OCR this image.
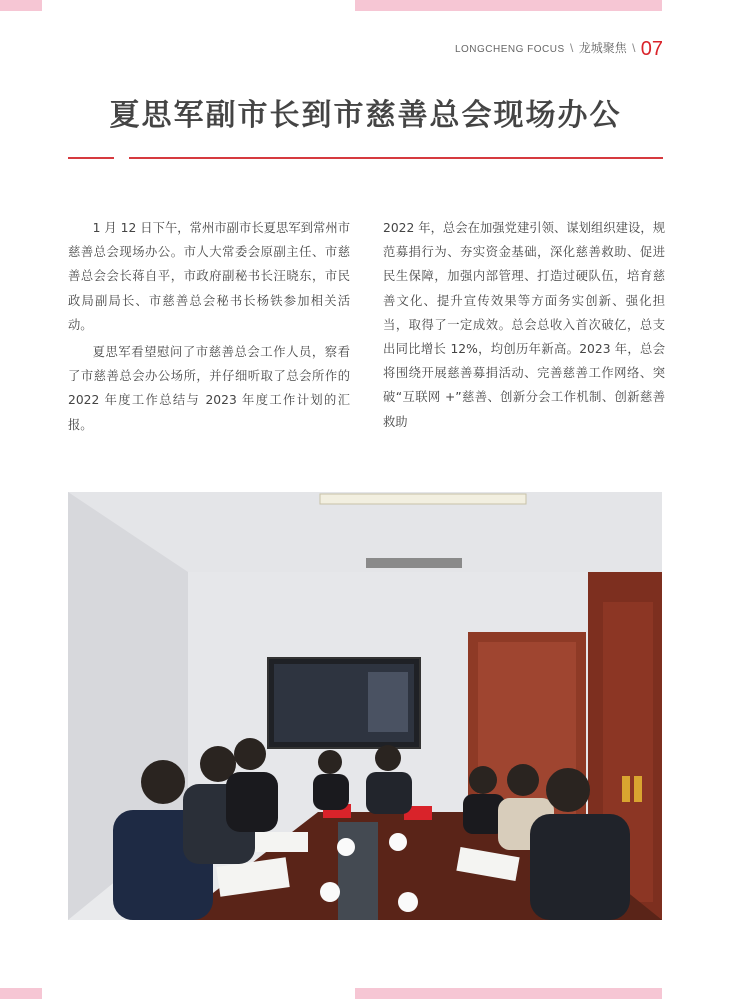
LONGCHENG FOCUS \ 龙城聚焦 \ 07
夏思军副市长到市慈善总会现场办公

1 月 12 日下午，常州市副市长夏思军到常州市慈善总会现场办公。市人大常委会原副主任、市慈善总会会长蒋自平，市政府副秘书长汪晓东，市民政局副局长、市慈善总会秘书长杨铁参加相关活动。

夏思军看望慰问了市慈善总会工作人员，察看了市慈善总会办公场所，并仔细听取了总会所作的 2022 年度工作总结与 2023 年度工作计划的汇报。

2022 年，总会在加强党建引领、谋划组织建设，规范募捐行为、夯实资金基础，深化慈善救助、促进民生保障，加强内部管理、打造过硬队伍，培育慈善文化、提升宣传效果等方面务实创新、强化担当，取得了一定成效。总会总收入首次破亿，总支出同比增长 12%，均创历年新高。2023 年，总会将围绕开展慈善募捐活动、完善慈善工作网络、突破“互联网 +”慈善、创新分会工作机制、创新慈善救助
